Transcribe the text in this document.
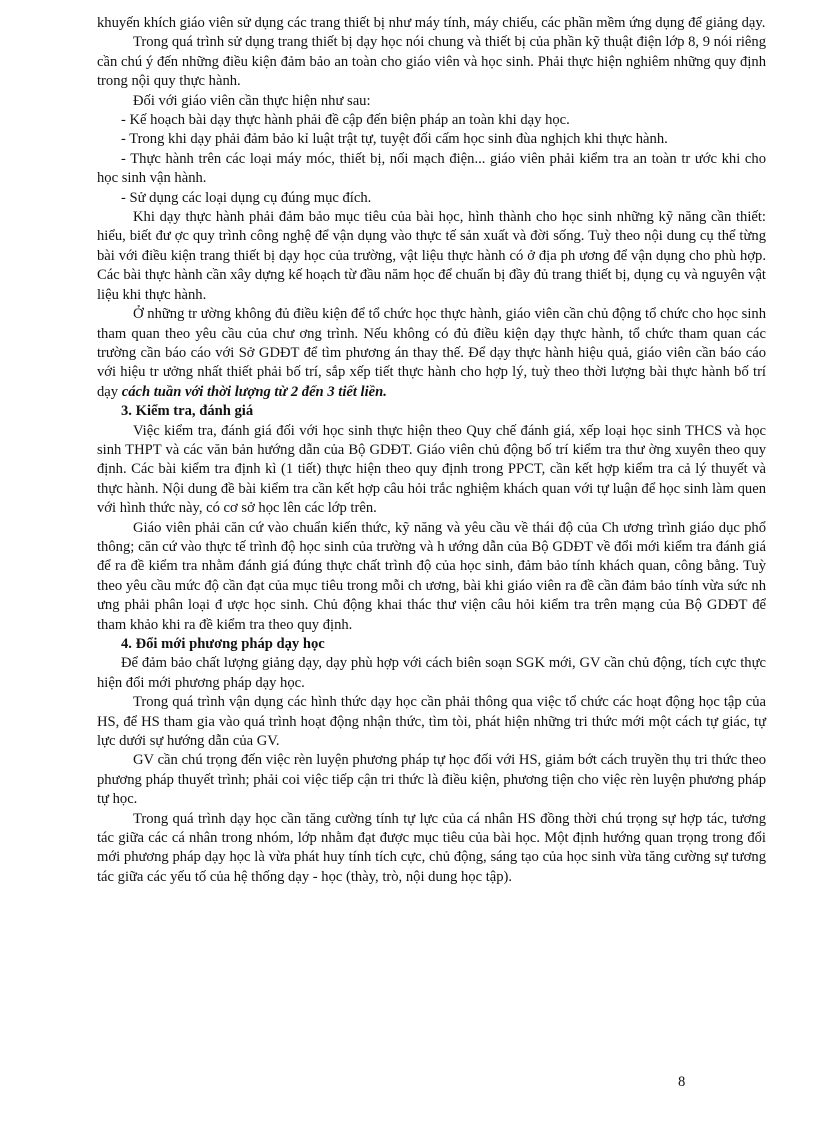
khuyến khích giáo viên sử dụng các trang thiết bị như máy tính, máy chiếu, các phần mềm ứng dụng để giảng dạy.

Trong quá trình sử dụng trang thiết bị dạy học nói chung và thiết bị của phần kỹ thuật điện lớp 8, 9 nói riêng cần chú ý đến những điều kiện đảm bảo an toàn cho giáo viên và học sinh. Phải thực hiện nghiêm những quy định trong nội quy thực hành.

Đối với giáo viên cần thực hiện như sau:

- Kế hoạch bài dạy thực hành phải đề cập đến biện pháp an toàn khi dạy học.

- Trong khi dạy phải đảm bảo kỉ luật trật tự, tuyệt đối cấm học sinh đùa nghịch khi thực hành.

- Thực hành trên các loại máy móc, thiết bị, nối mạch điện... giáo viên phải kiểm tra an toàn tr ước khi cho học sinh vận hành.

- Sử dụng các loại dụng cụ đúng mục đích.

Khi dạy thực hành phải đảm bảo mục tiêu của bài học, hình thành cho học sinh những kỹ năng cần thiết: hiểu, biết đư ợc quy trình công nghệ để vận dụng vào thực tế sản xuất và đời sống. Tuỳ theo nội dung cụ thể từng bài với điều kiện trang thiết bị dạy học của trường, vật liệu thực hành có ở địa ph ương để vận dụng cho phù hợp. Các bài thực hành cần xây dựng kế hoạch từ đầu năm học để chuẩn bị đầy đủ trang thiết bị, dụng cụ và nguyên vật liệu khi thực hành.

Ở những tr ường không đủ điều kiện để tổ chức học thực hành, giáo viên cần chủ động tổ chức cho học sinh tham quan theo yêu cầu của chư ơng trình. Nếu không có đủ điều kiện dạy thực hành, tổ chức tham quan các trường cần báo cáo với Sở GDĐT để tìm phương án thay thế. Để dạy thực hành hiệu quả, giáo viên cần báo cáo với hiệu tr ưởng nhất thiết phải bố trí, sắp xếp tiết thực hành cho hợp lý, tuỳ theo thời lượng bài thực hành bố trí dạy cách tuần với thời lượng từ 2 đến 3 tiết liền.

3. Kiểm tra, đánh giá

Việc kiểm tra, đánh giá đối với học sinh thực hiện theo Quy chế đánh giá, xếp loại học sinh THCS và học sinh THPT và các văn bản hướng dẫn của Bộ GDĐT. Giáo viên chủ động bố trí kiểm tra thư ờng xuyên theo quy định. Các bài kiểm tra định kì (1 tiết) thực hiện theo quy định trong PPCT, cần kết hợp kiểm tra cả lý thuyết và thực hành. Nội dung đề bài kiểm tra cần kết hợp câu hỏi trắc nghiệm khách quan với tự luận để học sinh làm quen với hình thức này, có cơ sở học lên các lớp trên.

Giáo viên phải căn cứ vào chuẩn kiến thức, kỹ năng và yêu cầu về thái độ của Ch ương trình giáo dục phổ thông; căn cứ vào thực tế trình độ học sinh của trường và h ướng dẫn của Bộ GDĐT về đổi mới kiểm tra đánh giá để ra đề kiểm tra nhằm đánh giá đúng thực chất trình độ của học sinh, đảm bảo tính khách quan, công bằng. Tuỳ theo yêu cầu mức độ cần đạt của mục tiêu trong mỗi ch ương, bài khi giáo viên ra đề cần đảm bảo tính vừa sức nh ưng phải phân loại đ ược học sinh. Chủ động khai thác thư viện câu hỏi kiểm tra trên mạng của Bộ GDĐT để tham khảo khi ra đề kiểm tra theo quy định.

4. Đổi mới phương pháp dạy học

Để đảm bảo chất lượng giảng dạy, dạy phù hợp với cách biên soạn SGK mới, GV cần chủ động, tích cực thực hiện đổi mới phương pháp dạy học.

Trong quá trình vận dụng các hình thức dạy học cần phải thông qua việc tổ chức các hoạt động học tập của HS, để HS tham gia vào quá trình hoạt động nhận thức, tìm tòi, phát hiện những tri thức mới một cách tự giác, tự lực dưới sự hướng dẫn của GV.

GV cần chú trọng đến việc rèn luyện phương pháp tự học đối với HS, giảm bớt cách truyền thụ tri thức theo phương pháp thuyết trình; phải coi việc tiếp cận tri thức là điều kiện, phương tiện cho việc rèn luyện phương pháp tự học.

Trong quá trình dạy học cần tăng cường tính tự lực của cá nhân HS đồng thời chú trọng sự hợp tác, tương tác giữa các cá nhân trong nhóm, lớp nhằm đạt được mục tiêu của bài học. Một định hướng quan trọng trong đổi mới phương pháp dạy học là vừa phát huy tính tích cực, chủ động, sáng tạo của học sinh vừa tăng cường sự tương tác giữa các yếu tố của hệ thống dạy - học (thày, trò, nội dung học tập).

8
